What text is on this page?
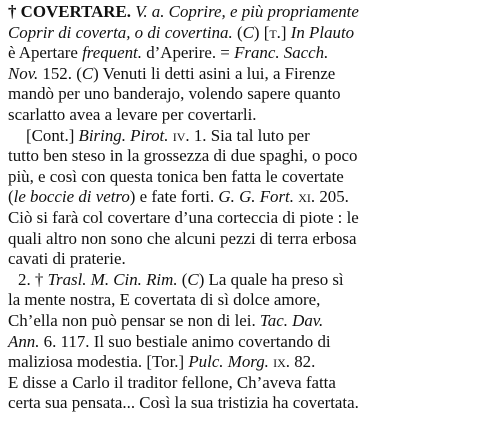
† COVERTARE. V. a. Coprire, e più propriamente
Coprir di coverta, o di covertina. (C) [t.] In Plauto
è Apertare frequent. d’Aperire. = Franc. Sacch.
Nov. 152. (C) Venuti li detti asini a lui, a Firenze
mandò per uno banderajo, volendo sapere quanto
scarlatto avea a levare per covertarli.
[Cont.] Biring. Pirot. iv. 1. Sia tal luto per
tutto ben steso in la grossezza di due spaghi, o poco
più, e così con questa tonica ben fatta le covertate
(le boccie di vetro) e fate forti. G. G. Fort. xi. 205.
Ciò si farà col covertare d’una corteccia di piote : le
quali altro non sono che alcuni pezzi di terra erbosa
cavati di praterie.
2. † Trasl. M. Cin. Rim. (C) La quale ha preso sì
la mente nostra, E covertata di sì dolce amore,
Ch’ella non può pensar se non di lei. Tac. Dav.
Ann. 6. 117. Il suo bestiale animo covertando di
maliziosa modestia. [Tor.] Pulc. Morg. ix. 82.
E disse a Carlo il traditor fellone, Ch’aveva fatta
certa sua pensata... Così la sua tristizia ha covertata.
